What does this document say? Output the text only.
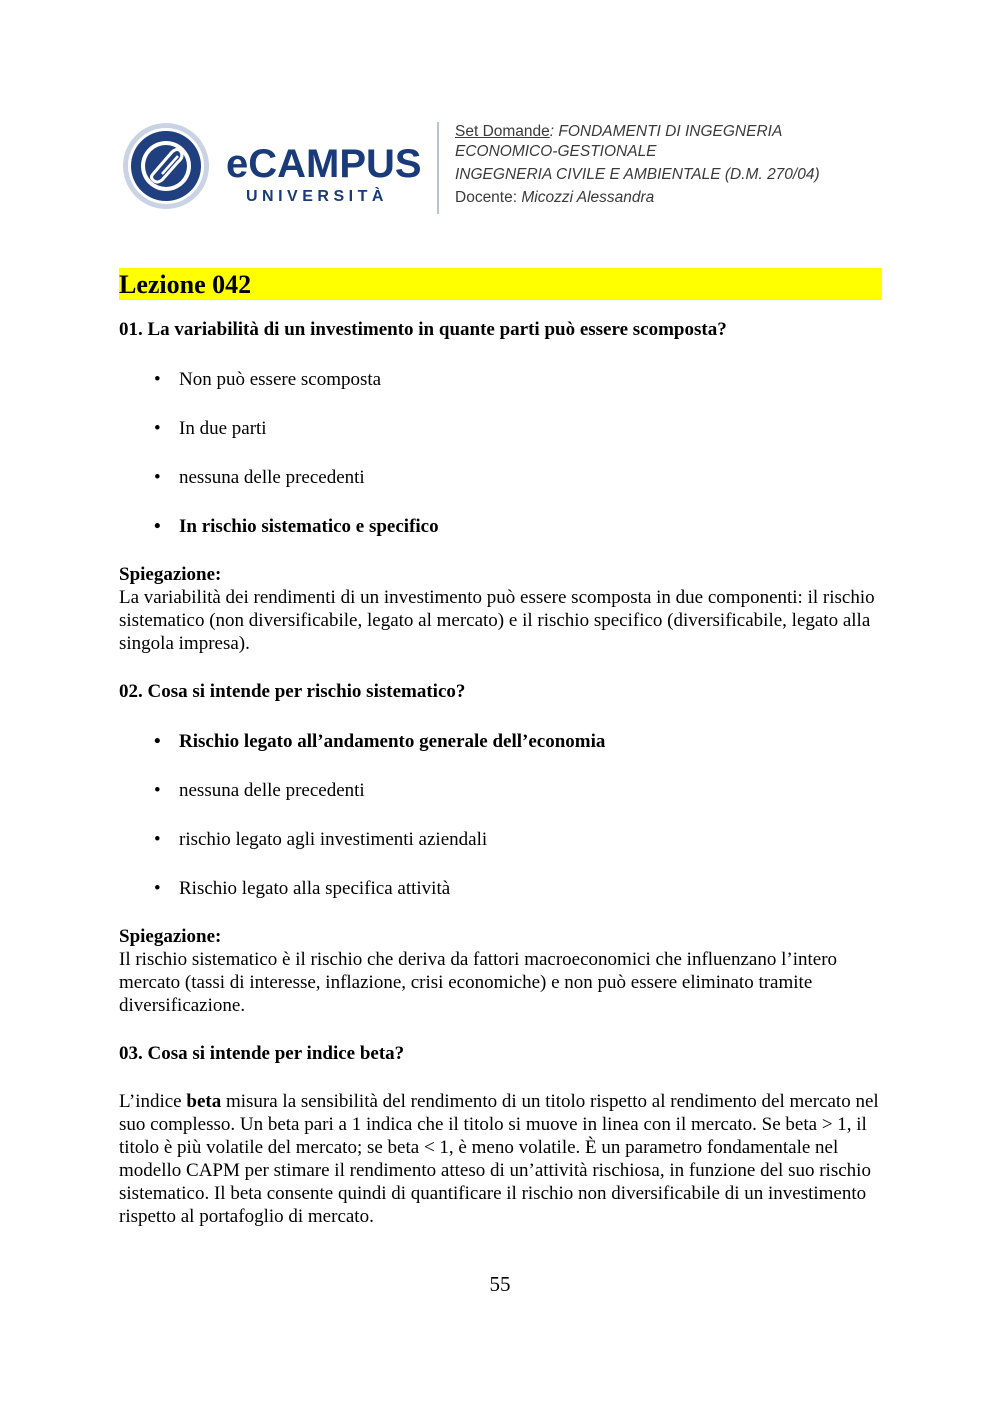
eCAMPUS
UNIVERSITÀ
Set Domande: FONDAMENTI DI INGEGNERIA
ECONOMICO-GESTIONALE
INGEGNERIA CIVILE E AMBIENTALE (D.M. 270/04)
Docente: Micozzi Alessandra
Lezione 042

01. La variabilità di un investimento in quante parti può essere scomposta?

• Non può essere scomposta
• In due parti
• nessuna delle precedenti
• In rischio sistematico e specifico

Spiegazione:

La variabilità dei rendimenti di un investimento può essere scomposta in due componenti: il rischio sistematico (non diversificabile, legato al mercato) e il rischio specifico (diversificabile, legato alla singola impresa).

02. Cosa si intende per rischio sistematico?

• Rischio legato all’andamento generale dell’economia
• nessuna delle precedenti
• rischio legato agli investimenti aziendali
• Rischio legato alla specifica attività

Spiegazione:

Il rischio sistematico è il rischio che deriva da fattori macroeconomici che influenzano l’intero mercato (tassi di interesse, inflazione, crisi economiche) e non può essere eliminato tramite diversificazione.

03. Cosa si intende per indice beta?

L’indice beta misura la sensibilità del rendimento di un titolo rispetto al rendimento del mercato nel suo complesso. Un beta pari a 1 indica che il titolo si muove in linea con il mercato. Se beta > 1, il titolo è più volatile del mercato; se beta < 1, è meno volatile. È un parametro fondamentale nel modello CAPM per stimare il rendimento atteso di un’attività rischiosa, in funzione del suo rischio sistematico. Il beta consente quindi di quantificare il rischio non diversificabile di un investimento rispetto al portafoglio di mercato.

55
